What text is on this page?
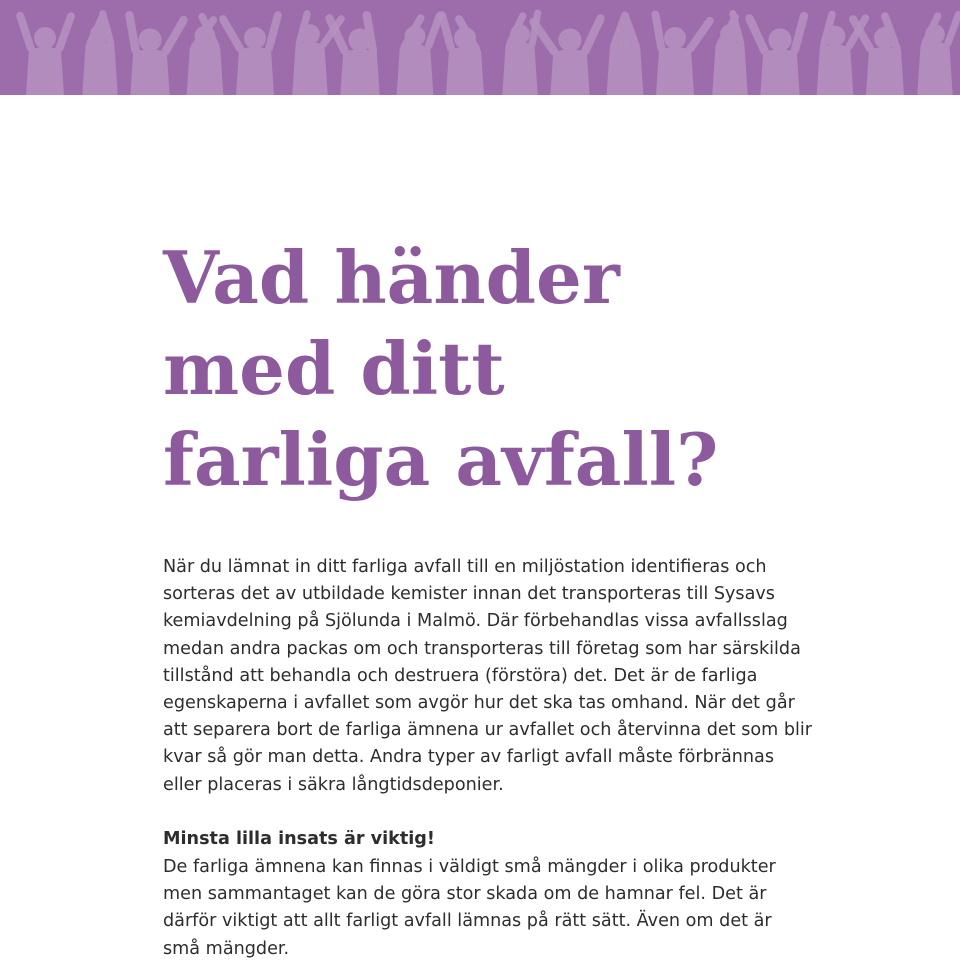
Vad händer
med ditt
farliga avfall?

När du lämnat in ditt farliga avfall till en miljöstation identifieras och sorteras det av utbildade kemister innan det transporteras till Sysavs kemiavdelning på Sjölunda i Malmö. Där förbehandlas vissa avfallsslag medan andra packas om och transporteras till företag som har särskilda tillstånd att behandla och destruera (förstöra) det. Det är de farliga egenskaperna i avfallet som avgör hur det ska tas omhand. När det går att separera bort de farliga ämnena ur avfallet och återvinna det som blir kvar så gör man detta. Andra typer av farligt avfall måste förbrännas eller placeras i säkra långtidsdeponier.

Minsta lilla insats är viktig!

De farliga ämnena kan finnas i väldigt små mängder i olika produkter men sammantaget kan de göra stor skada om de hamnar fel. Det är därför viktigt att allt farligt avfall lämnas på rätt sätt. Även om det är små mängder.
